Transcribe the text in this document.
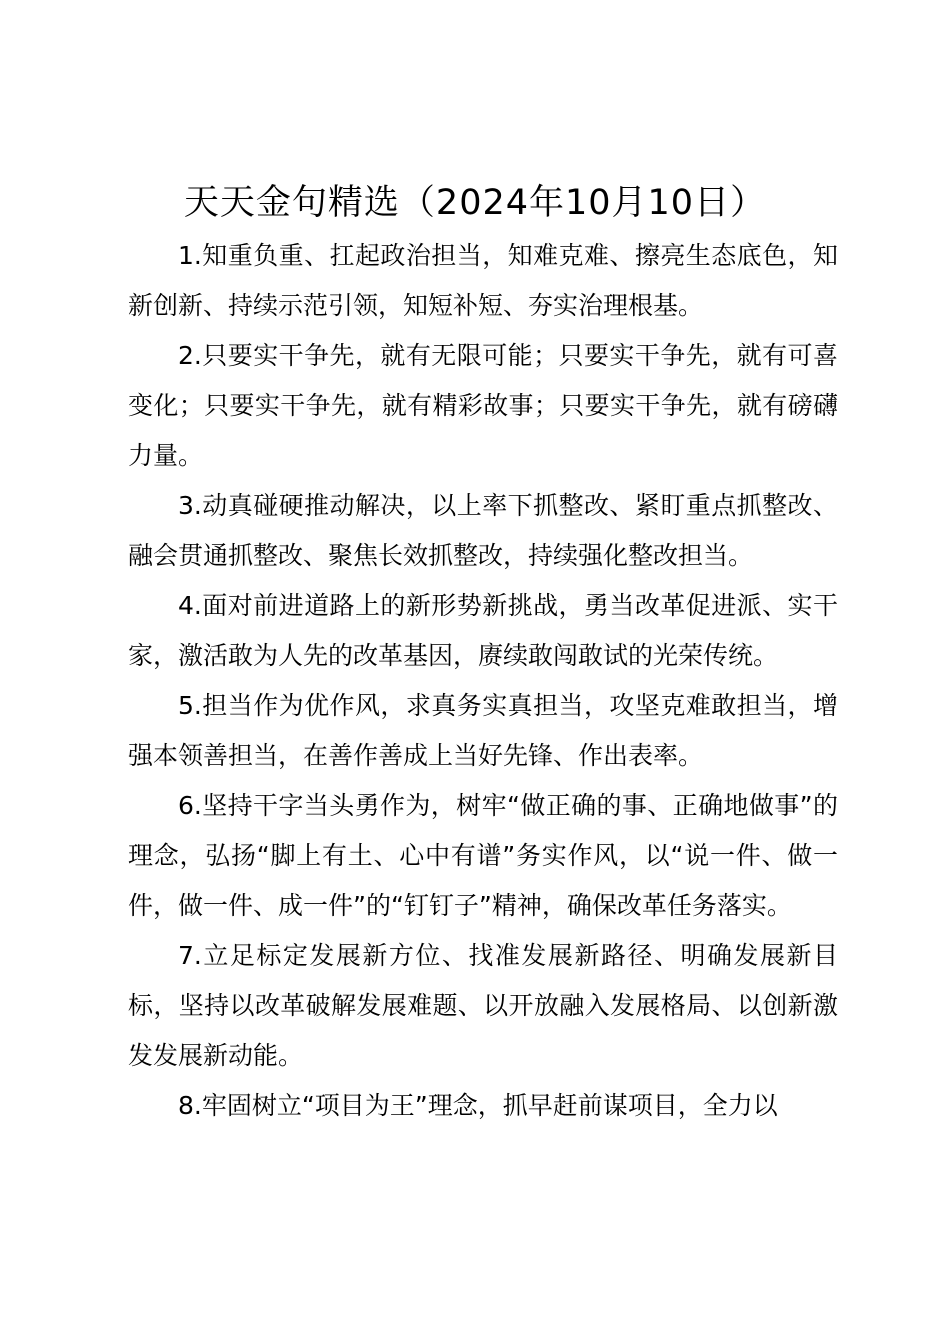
天天金句精选（2024年10月10日）

1.知重负重、扛起政治担当，知难克难、擦亮生态底色，知新创新、持续示范引领，知短补短、夯实治理根基。

2.只要实干争先，就有无限可能；只要实干争先，就有可喜变化；只要实干争先，就有精彩故事；只要实干争先，就有磅礴力量。

3.动真碰硬推动解决，以上率下抓整改、紧盯重点抓整改、融会贯通抓整改、聚焦长效抓整改，持续强化整改担当。

4.面对前进道路上的新形势新挑战，勇当改革促进派、实干家，激活敢为人先的改革基因，赓续敢闯敢试的光荣传统。

5.担当作为优作风，求真务实真担当，攻坚克难敢担当，增强本领善担当，在善作善成上当好先锋、作出表率。

6.坚持干字当头勇作为，树牢“做正确的事、正确地做事”的理念，弘扬“脚上有土、心中有谱”务实作风，以“说一件、做一件，做一件、成一件”的“钉钉子”精神，确保改革任务落实。

7.立足标定发展新方位、找准发展新路径、明确发展新目标，坚持以改革破解发展难题、以开放融入发展格局、以创新激发发展新动能。

8.牢固树立“项目为王”理念，抓早赶前谋项目，全力以
